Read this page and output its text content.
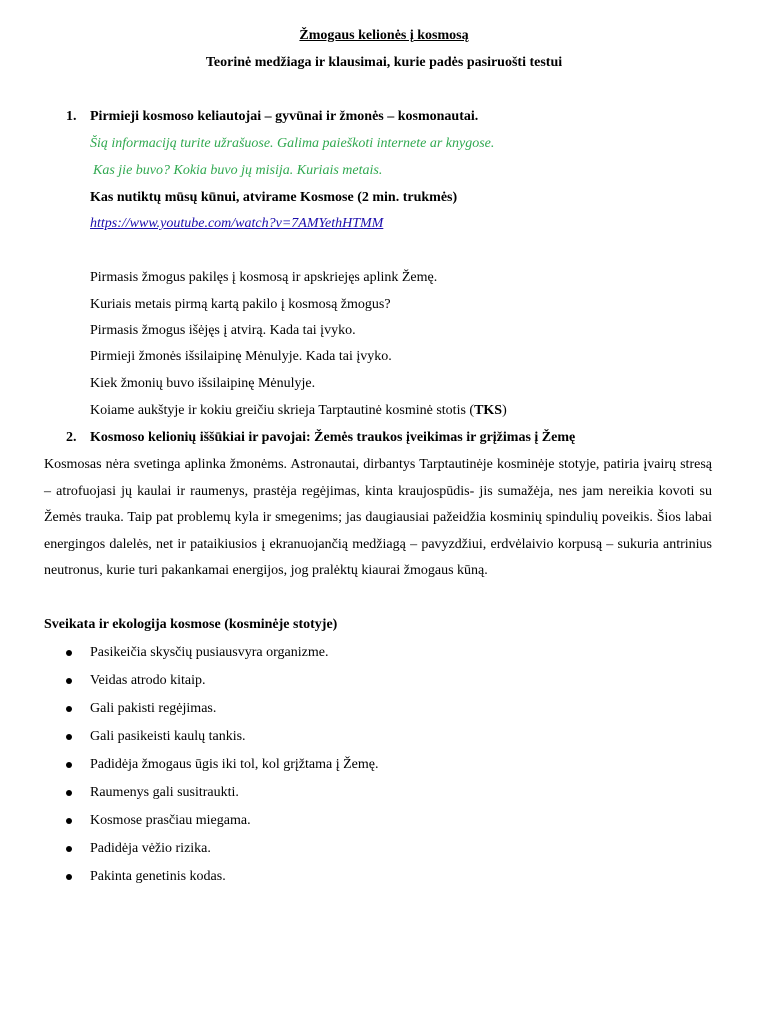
Žmogaus kelionės į kosmosą
Teorinė medžiaga ir klausimai, kurie padės pasiruošti testui
1. Pirmieji kosmoso keliautojai – gyvūnai ir žmonės – kosmonautai.
Šią informaciją turite užrašuose. Galima paieškoti internete ar knygose.
Kas jie buvo? Kokia buvo jų misija. Kuriais metais.
Kas nutiktų mūsų kūnui, atvirame Kosmose (2 min. trukmės)
https://www.youtube.com/watch?v=7AMYethHTMM
Pirmasis žmogus pakilęs į kosmosą ir apskriejęs aplink Žemę.
Kuriais metais pirmą kartą pakilo į kosmosą žmogus?
Pirmasis žmogus išėjęs į atvirą. Kada tai įvyko.
Pirmieji žmonės išsilaipinę Mėnulyje. Kada tai įvyko.
Kiek žmonių buvo išsilaipinę Mėnulyje.
Koiame aukštyje ir kokiu greičiu skrieja Tarptautinė kosminė stotis (TKS)
2. Kosmoso kelionių iššūkiai ir pavojai: Žemės traukos įveikimas ir grįžimas į Žemę
Kosmosas nėra svetinga aplinka žmonėms. Astronautai, dirbantys Tarptautinėje kosminėje stotyje, patiria įvairų stresą – atrofuojasi jų kaulai ir raumenys, prastėja regėjimas, kinta kraujospūdis- jis sumažėja, nes jam nereikia kovoti su Žemės trauka. Taip pat problemų kyla ir smegenims; jas daugiausiai pažeidžia kosminių spindulių poveikis. Šios labai energingos dalelės, net ir pataikiusios į ekranuojančią medžiagą – pavyzdžiui, erdvėlaivio korpusą – sukuria antrinius neutronus, kurie turi pakankamai energijos, jog pralėktų kiaurai žmogaus kūną.
Sveikata ir ekologija kosmose (kosminėje stotyje)
Pasikeičia skysčių pusiausvyra organizme.
Veidas atrodo kitaip.
Gali pakisti regėjimas.
Gali pasikeisti kaulų tankis.
Padidėja žmogaus ūgis iki tol, kol grįžtama į Žemę.
Raumenys gali susitraukti.
Kosmose prasčiau miegama.
Padidėja vėžio rizika.
Pakinta genetinis kodas.
